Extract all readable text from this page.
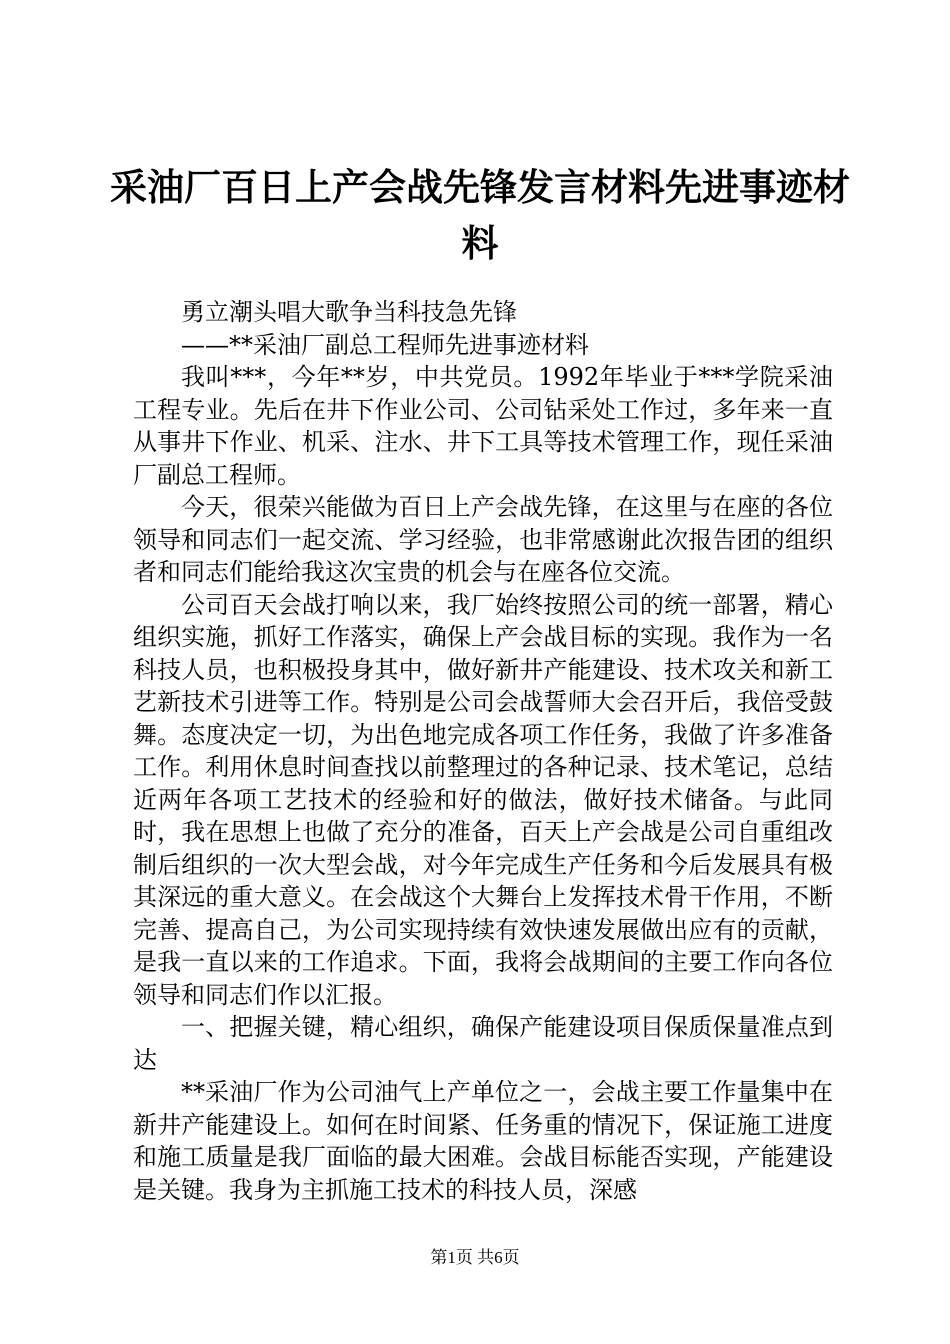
采油厂百日上产会战先锋发言材料先进事迹材料

勇立潮头唱大歌争当科技急先锋

——**采油厂副总工程师先进事迹材料

我叫***，今年**岁，中共党员。1992年毕业于***学院采油工程专业。先后在井下作业公司、公司钻采处工作过，多年来一直从事井下作业、机采、注水、井下工具等技术管理工作，现任采油厂副总工程师。

今天，很荣兴能做为百日上产会战先锋，在这里与在座的各位领导和同志们一起交流、学习经验，也非常感谢此次报告团的组织者和同志们能给我这次宝贵的机会与在座各位交流。

公司百天会战打响以来，我厂始终按照公司的统一部署，精心组织实施，抓好工作落实，确保上产会战目标的实现。我作为一名科技人员，也积极投身其中，做好新井产能建设、技术攻关和新工艺新技术引进等工作。特别是公司会战誓师大会召开后，我倍受鼓舞。态度决定一切，为出色地完成各项工作任务，我做了许多准备工作。利用休息时间查找以前整理过的各种记录、技术笔记，总结近两年各项工艺技术的经验和好的做法，做好技术储备。与此同时，我在思想上也做了充分的准备，百天上产会战是公司自重组改制后组织的一次大型会战，对今年完成生产任务和今后发展具有极其深远的重大意义。在会战这个大舞台上发挥技术骨干作用，不断完善、提高自己，为公司实现持续有效快速发展做出应有的贡献，是我一直以来的工作追求。下面，我将会战期间的主要工作向各位领导和同志们作以汇报。

一、把握关键，精心组织，确保产能建设项目保质保量准点到达

**采油厂作为公司油气上产单位之一，会战主要工作量集中在新井产能建设上。如何在时间紧、任务重的情况下，保证施工进度和施工质量是我厂面临的最大困难。会战目标能否实现，产能建设是关键。我身为主抓施工技术的科技人员，深感

第1页 共6页
